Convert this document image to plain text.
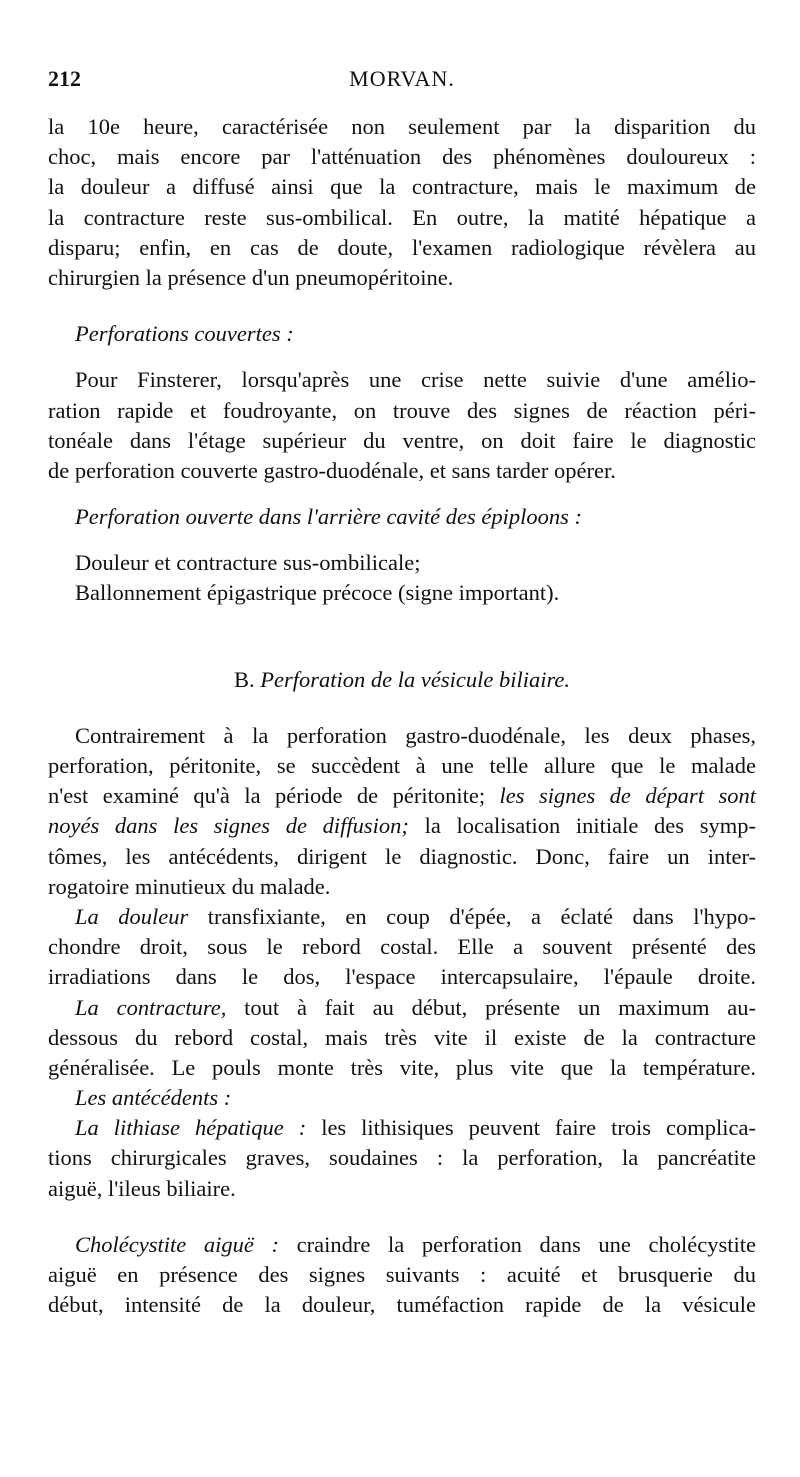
212	MORVAN.
la 10e heure, caractérisée non seulement par la disparition du
choc, mais encore par l'atténuation des phénomènes douloureux :
la douleur a diffusé ainsi que la contracture, mais le maximum de
la contracture reste sus-ombilical. En outre, la matité hépatique a
disparu; enfin, en cas de doute, l'examen radiologique révèlera au
chirurgien la présence d'un pneumopéritoine.
Perforations couvertes :
Pour Finsterer, lorsqu'après une crise nette suivie d'une amélio-
ration rapide et foudroyante, on trouve des signes de réaction péri-
tonéale dans l'étage supérieur du ventre, on doit faire le diagnostic
de perforation couverte gastro-duodénale, et sans tarder opérer.
Perforation ouverte dans l'arrière cavité des épiploons :
Douleur et contracture sus-ombilicale;
Ballonnement épigastrique précoce (signe important).
B. Perforation de la vésicule biliaire.
Contrairement à la perforation gastro-duodénale, les deux phases,
perforation, péritonite, se succèdent à une telle allure que le malade
n'est examiné qu'à la période de péritonite; les signes de départ sont
noyés dans les signes de diffusion; la localisation initiale des symp-
tômes, les antécédents, dirigent le diagnostic. Donc, faire un inter-
rogatoire minutieux du malade.
La douleur transfixiante, en coup d'épée, a éclaté dans l'hypo-
chondre droit, sous le rebord costal. Elle a souvent présenté des
irradiations dans le dos, l'espace intercapsulaire, l'épaule droite.
La contracture, tout à fait au début, présente un maximum au-
dessous du rebord costal, mais très vite il existe de la contracture
généralisée. Le pouls monte très vite, plus vite que la température.
Les antécédents :
La lithiase hépatique : les lithisiques peuvent faire trois complica-
tions chirurgicales graves, soudaines : la perforation, la pancréatite
aiguë, l'ileus biliaire.
Cholécystite aiguë : craindre la perforation dans une cholécystite
aiguë en présence des signes suivants : acuité et brusquerie du
début, intensité de la douleur, tuméfaction rapide de la vésicule
